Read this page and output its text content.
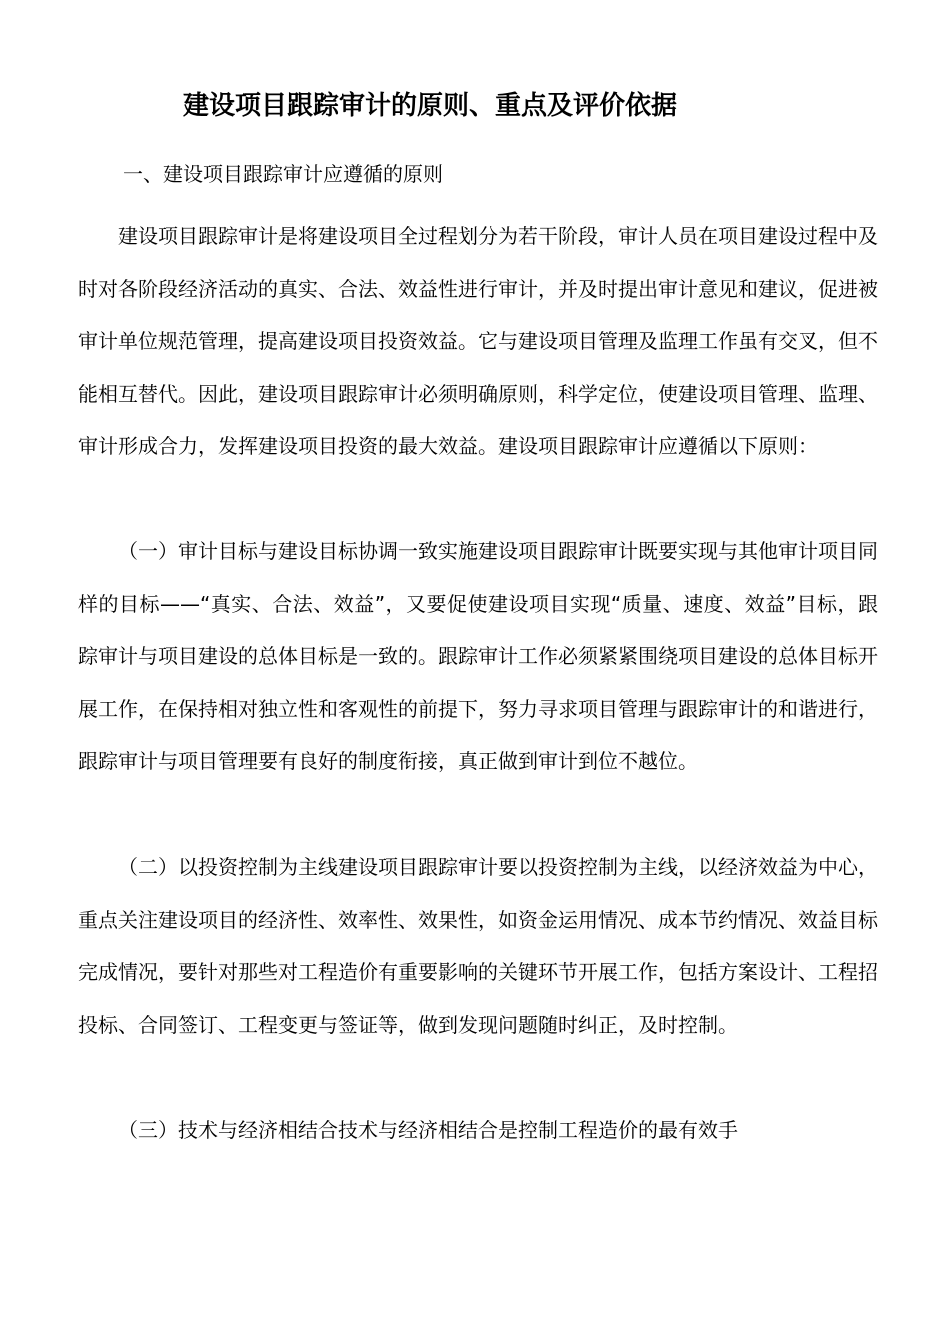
建设项目跟踪审计的原则、重点及评价依据

一、建设项目跟踪审计应遵循的原则

建设项目跟踪审计是将建设项目全过程划分为若干阶段，审计人员在项目建设过程中及时对各阶段经济活动的真实、合法、效益性进行审计，并及时提出审计意见和建议，促进被审计单位规范管理，提高建设项目投资效益。它与建设项目管理及监理工作虽有交叉，但不能相互替代。因此，建设项目跟踪审计必须明确原则，科学定位，使建设项目管理、监理、审计形成合力，发挥建设项目投资的最大效益。建设项目跟踪审计应遵循以下原则：

（一）审计目标与建设目标协调一致实施建设项目跟踪审计既要实现与其他审计项目同样的目标——“真实、合法、效益”，又要促使建设项目实现“质量、速度、效益”目标，跟踪审计与项目建设的总体目标是一致的。跟踪审计工作必须紧紧围绕项目建设的总体目标开展工作，在保持相对独立性和客观性的前提下，努力寻求项目管理与跟踪审计的和谐进行，跟踪审计与项目管理要有良好的制度衔接，真正做到审计到位不越位。

（二）以投资控制为主线建设项目跟踪审计要以投资控制为主线，以经济效益为中心，重点关注建设项目的经济性、效率性、效果性，如资金运用情况、成本节约情况、效益目标完成情况，要针对那些对工程造价有重要影响的关键环节开展工作，包括方案设计、工程招投标、合同签订、工程变更与签证等，做到发现问题随时纠正，及时控制。

（三）技术与经济相结合技术与经济相结合是控制工程造价的最有效手
